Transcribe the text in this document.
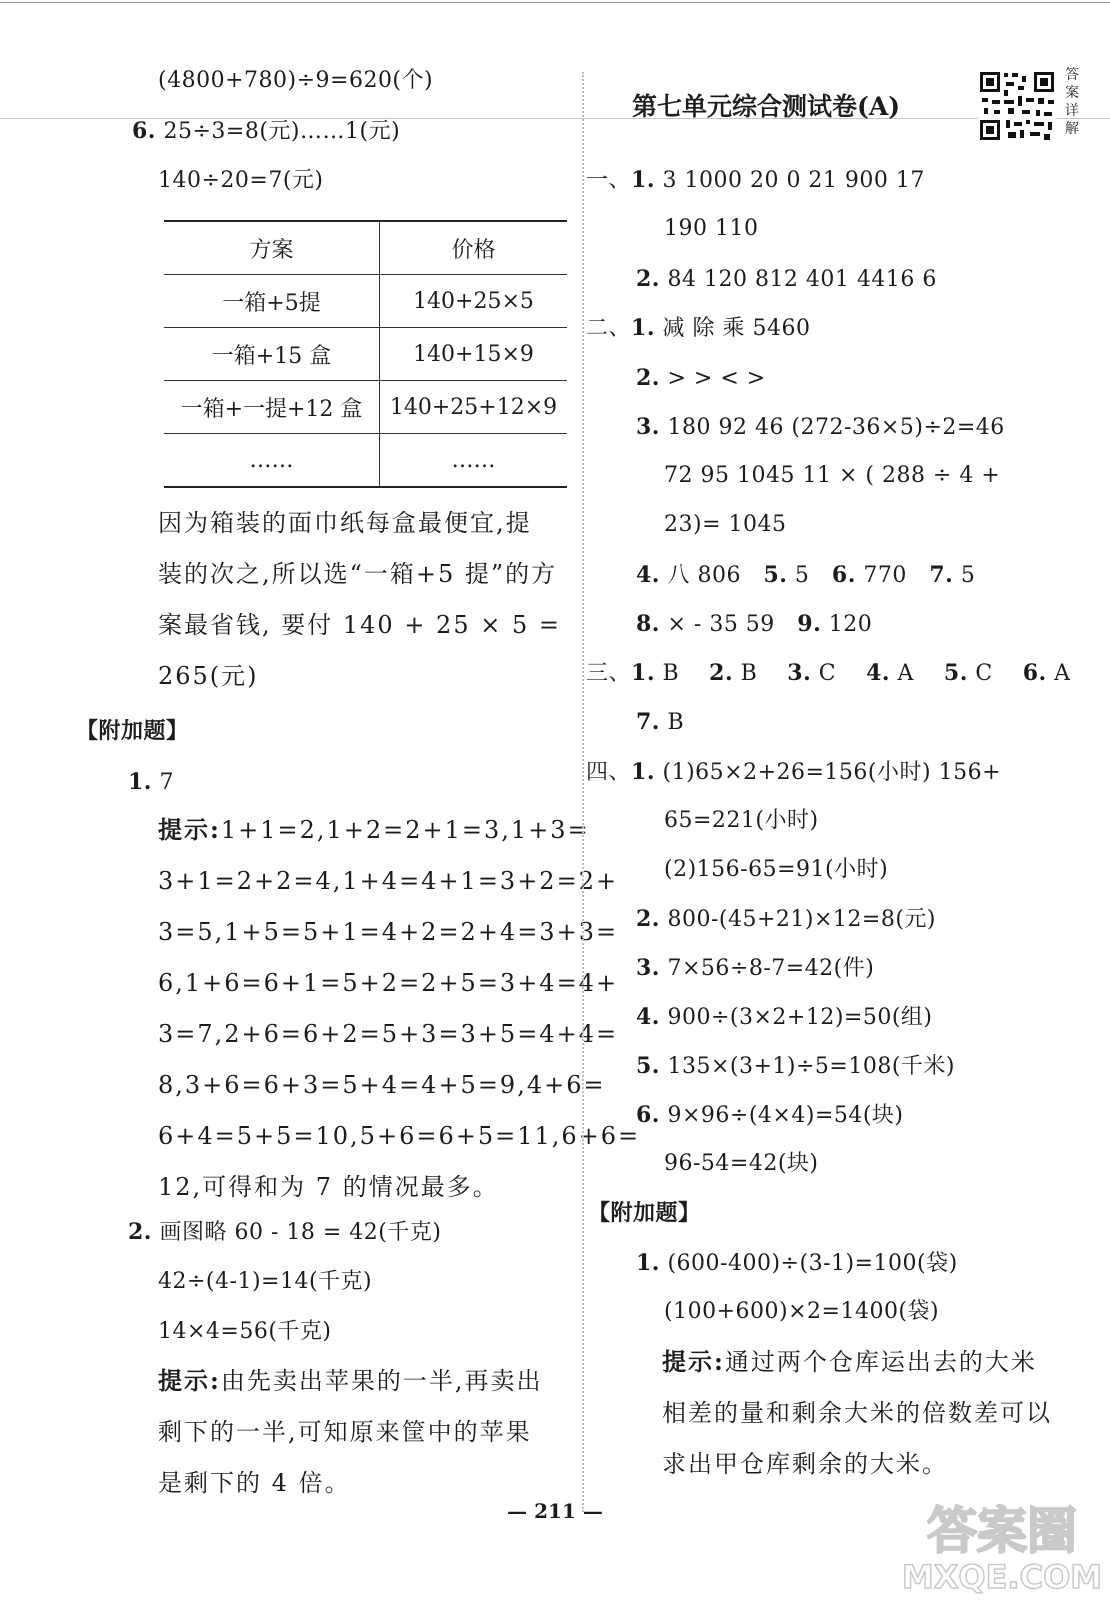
(4800+780)÷9=620(个)
6. 25÷3=8(元)……1(元)
140÷20=7(元)
方案	价格
一箱+5提	140+25×5
一箱+15 盒	140+15×9
一箱+一提+12 盒	140+25+12×9
……	……
因为箱装的面巾纸每盒最便宜,提
装的次之,所以选“一箱+5 提”的方
案最省钱, 要付 140 + 25 × 5 =
265(元)
【附加题】
1. 7
提示:1+1=2,1+2=2+1=3,1+3=
3+1=2+2=4,1+4=4+1=3+2=2+
3=5,1+5=5+1=4+2=2+4=3+3=
6,1+6=6+1=5+2=2+5=3+4=4+
3=7,2+6=6+2=5+3=3+5=4+4=
8,3+6=6+3=5+4=4+5=9,4+6=
6+4=5+5=10,5+6=6+5=11,6+6=
12,可得和为 7 的情况最多。
2. 画图略 60 - 18 = 42(千克)
42÷(4-1)=14(千克)
14×4=56(千克)
提示:由先卖出苹果的一半,再卖出
剩下的一半,可知原来筐中的苹果
是剩下的 4 倍。
第七单元综合测试卷(A)
答
案
详
解
一、1. 3 1000 20 0 21 900 17
190 110
2. 84 120 812 401 4416 6
二、1. 减 除 乘 5460
2. > > < >
3. 180 92 46 (272-36×5)÷2=46
72 95 1045 11 × ( 288 ÷ 4 +
23)= 1045
4. 八 806 5. 5 6. 770 7. 5
8. × - 35 59 9. 120
三、1. B 2. B 3. C 4. A 5. C 6. A
7. B
四、1. (1)65×2+26=156(小时) 156+
65=221(小时)
(2)156-65=91(小时)
2. 800-(45+21)×12=8(元)
3. 7×56÷8-7=42(件)
4. 900÷(3×2+12)=50(组)
5. 135×(3+1)÷5=108(千米)
6. 9×96÷(4×4)=54(块)
96-54=42(块)
【附加题】
1. (600-400)÷(3-1)=100(袋)
(100+600)×2=1400(袋)
提示:通过两个仓库运出去的大米
相差的量和剩余大米的倍数差可以
求出甲仓库剩余的大米。
— 211 —	答案圈
MXQE.COM
